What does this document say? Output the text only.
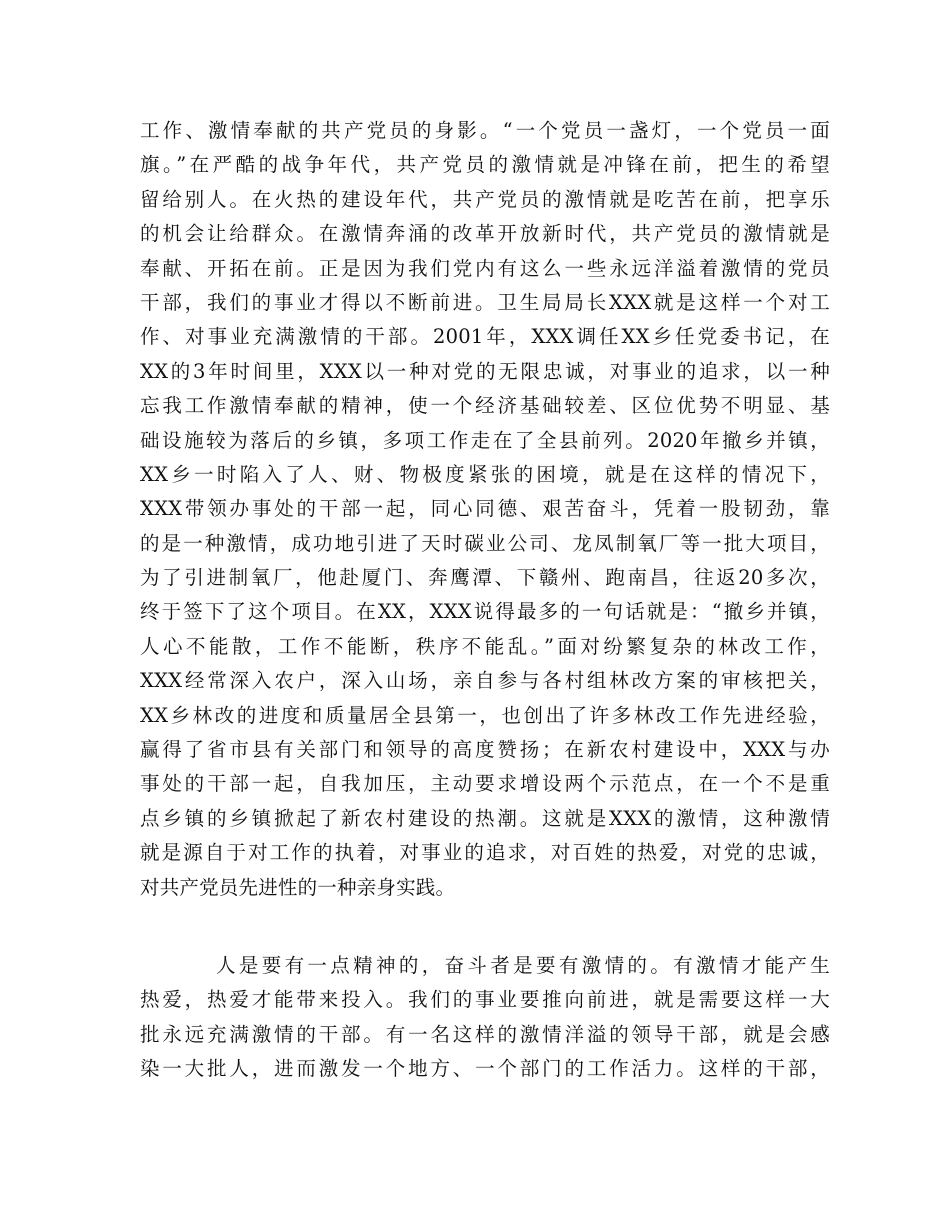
工作、激情奉献的共产党员的身影。“一个党员一盏灯，一个党员一面
旗。”在严酷的战争年代，共产党员的激情就是冲锋在前，把生的希望
留给别人。在火热的建设年代，共产党员的激情就是吃苦在前，把享乐
的机会让给群众。在激情奔涌的改革开放新时代，共产党员的激情就是
奉献、开拓在前。正是因为我们党内有这么一些永远洋溢着激情的党员
干部，我们的事业才得以不断前进。卫生局局长XXX就是这样一个对工
作、对事业充满激情的干部。2001年，XXX调任XX乡任党委书记，在
XX的3年时间里，XXX以一种对党的无限忠诚，对事业的追求，以一种
忘我工作激情奉献的精神，使一个经济基础较差、区位优势不明显、基
础设施较为落后的乡镇，多项工作走在了全县前列。2020年撤乡并镇，
XX乡一时陷入了人、财、物极度紧张的困境，就是在这样的情况下，
XXX带领办事处的干部一起，同心同德、艰苦奋斗，凭着一股韧劲，靠
的是一种激情，成功地引进了天时碳业公司、龙凤制氧厂等一批大项目，
为了引进制氧厂，他赴厦门、奔鹰潭、下赣州、跑南昌，往返20多次，
终于签下了这个项目。在XX，XXX说得最多的一句话就是：“撤乡并镇，
人心不能散，工作不能断，秩序不能乱。”面对纷繁复杂的林改工作，
XXX经常深入农户，深入山场，亲自参与各村组林改方案的审核把关，
XX乡林改的进度和质量居全县第一，也创出了许多林改工作先进经验，
赢得了省市县有关部门和领导的高度赞扬；在新农村建设中，XXX与办
事处的干部一起，自我加压，主动要求增设两个示范点，在一个不是重
点乡镇的乡镇掀起了新农村建设的热潮。这就是XXX的激情，这种激情
就是源自于对工作的执着，对事业的追求，对百姓的热爱，对党的忠诚，
对共产党员先进性的一种亲身实践。
人是要有一点精神的，奋斗者是要有激情的。有激情才能产生
热爱，热爱才能带来投入。我们的事业要推向前进，就是需要这样一大
批永远充满激情的干部。有一名这样的激情洋溢的领导干部，就是会感
染一大批人，进而激发一个地方、一个部门的工作活力。这样的干部，
